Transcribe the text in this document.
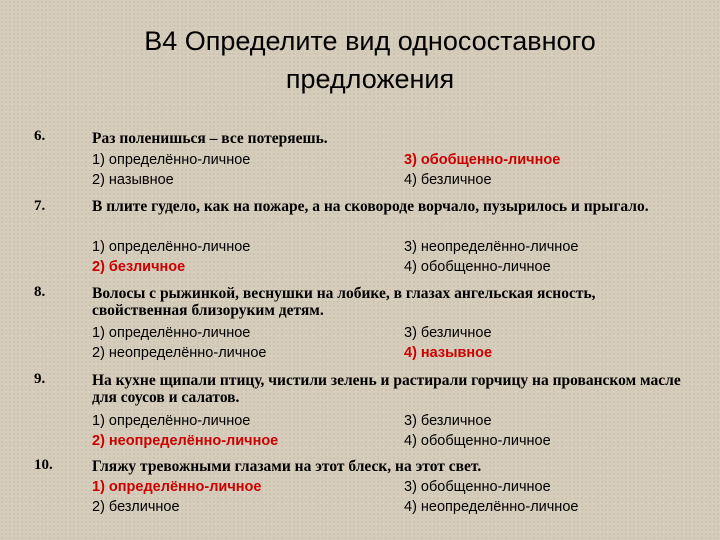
В4 Определите вид односоставного
предложения
6.	Раз поленишься – все потеряешь.
1) определённо-личное	3) обобщенно-личное
2) назывное	4) безличное
7.	В плите гудело, как на пожаре, а на сковороде ворчало, пузырилось и прыгало.
1) определённо-личное	3) неопределённо-личное
2) безличное	4) обобщенно-личное
8.	Волосы с рыжинкой, веснушки на лобике, в глазах ангельская ясность, свойственная близоруким детям.
1) определённо-личное	3) безличное
2) неопределённо-личное	4) назывное
9.	На кухне щипали птицу, чистили зелень и растирали горчицу на прованском масле для соусов и салатов.
1) определённо-личное	3) безличное
2) неопределённо-личное	4) обобщенно-личное
10.	Гляжу тревожными глазами на этот блеск, на этот свет.
1) определённо-личное	3) обобщенно-личное
2) безличное	4) неопределённо-личное
